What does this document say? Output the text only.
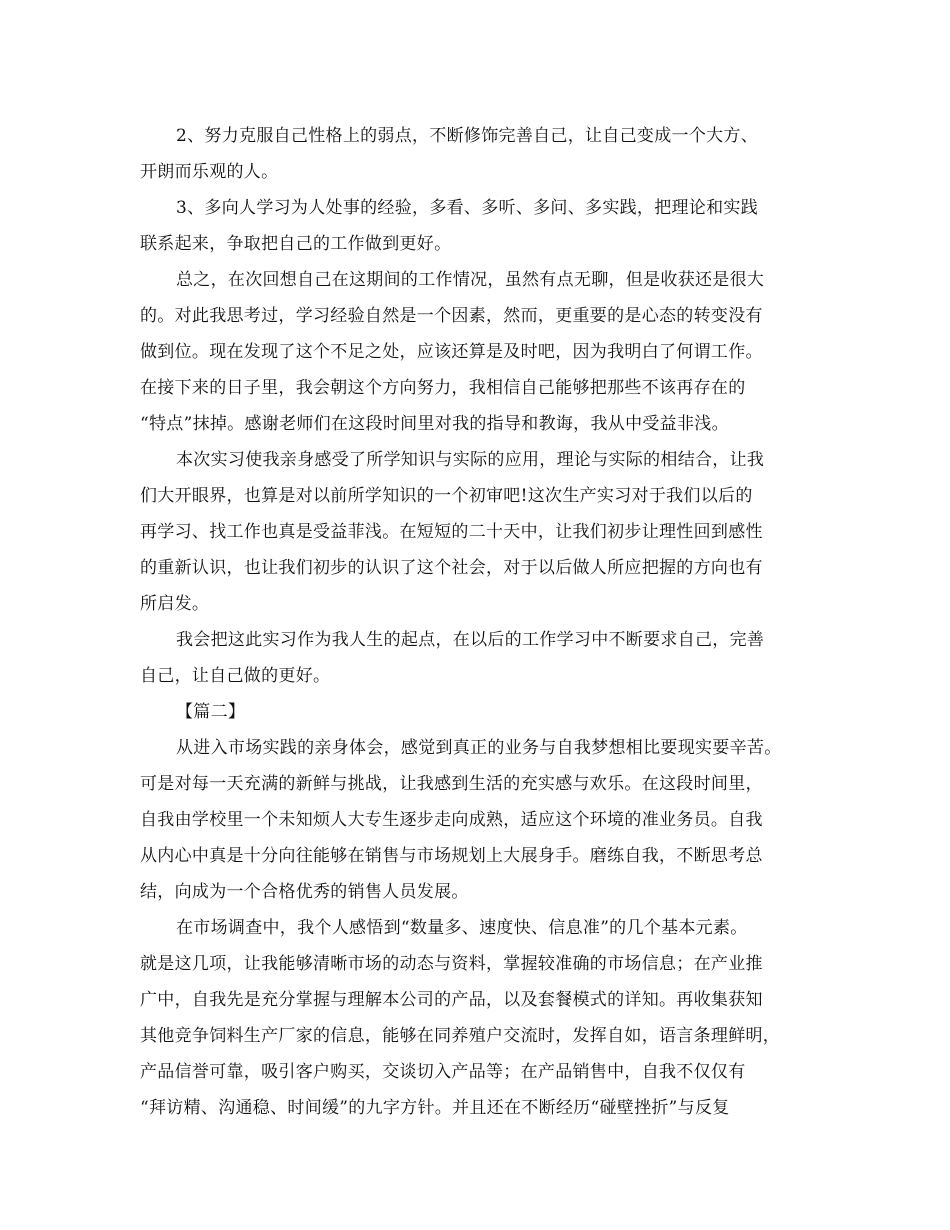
2、努力克服自己性格上的弱点，不断修饰完善自己，让自己变成一个大方、
开朗而乐观的人。
3、多向人学习为人处事的经验，多看、多听、多问、多实践，把理论和实践
联系起来，争取把自己的工作做到更好。
总之，在次回想自己在这期间的工作情况，虽然有点无聊，但是收获还是很大
的。对此我思考过，学习经验自然是一个因素，然而，更重要的是心态的转变没有
做到位。现在发现了这个不足之处，应该还算是及时吧，因为我明白了何谓工作。
在接下来的日子里，我会朝这个方向努力，我相信自己能够把那些不该再存在的
“特点”抹掉。感谢老师们在这段时间里对我的指导和教诲，我从中受益非浅。
本次实习使我亲身感受了所学知识与实际的应用，理论与实际的相结合，让我
们大开眼界，也算是对以前所学知识的一个初审吧!这次生产实习对于我们以后的
再学习、找工作也真是受益菲浅。在短短的二十天中，让我们初步让理性回到感性
的重新认识，也让我们初步的认识了这个社会，对于以后做人所应把握的方向也有
所启发。
我会把这此实习作为我人生的起点，在以后的工作学习中不断要求自己，完善
自己，让自己做的更好。
【篇二】
从进入市场实践的亲身体会，感觉到真正的业务与自我梦想相比要现实要辛苦。
可是对每一天充满的新鲜与挑战，让我感到生活的充实感与欢乐。在这段时间里，
自我由学校里一个未知烦人大专生逐步走向成熟，适应这个环境的准业务员。自我
从内心中真是十分向往能够在销售与市场规划上大展身手。磨练自我，不断思考总
结，向成为一个合格优秀的销售人员发展。
在市场调查中，我个人感悟到“数量多、速度快、信息准”的几个基本元素。
就是这几项，让我能够清晰市场的动态与资料，掌握较准确的市场信息；在产业推
广中，自我先是充分掌握与理解本公司的产品，以及套餐模式的详知。再收集获知
其他竞争饲料生产厂家的信息，能够在同养殖户交流时，发挥自如，语言条理鲜明，
产品信誉可靠，吸引客户购买，交谈切入产品等；在产品销售中，自我不仅仅有
“拜访精、沟通稳、时间缓”的九字方针。并且还在不断经历“碰壁挫折”与反复
